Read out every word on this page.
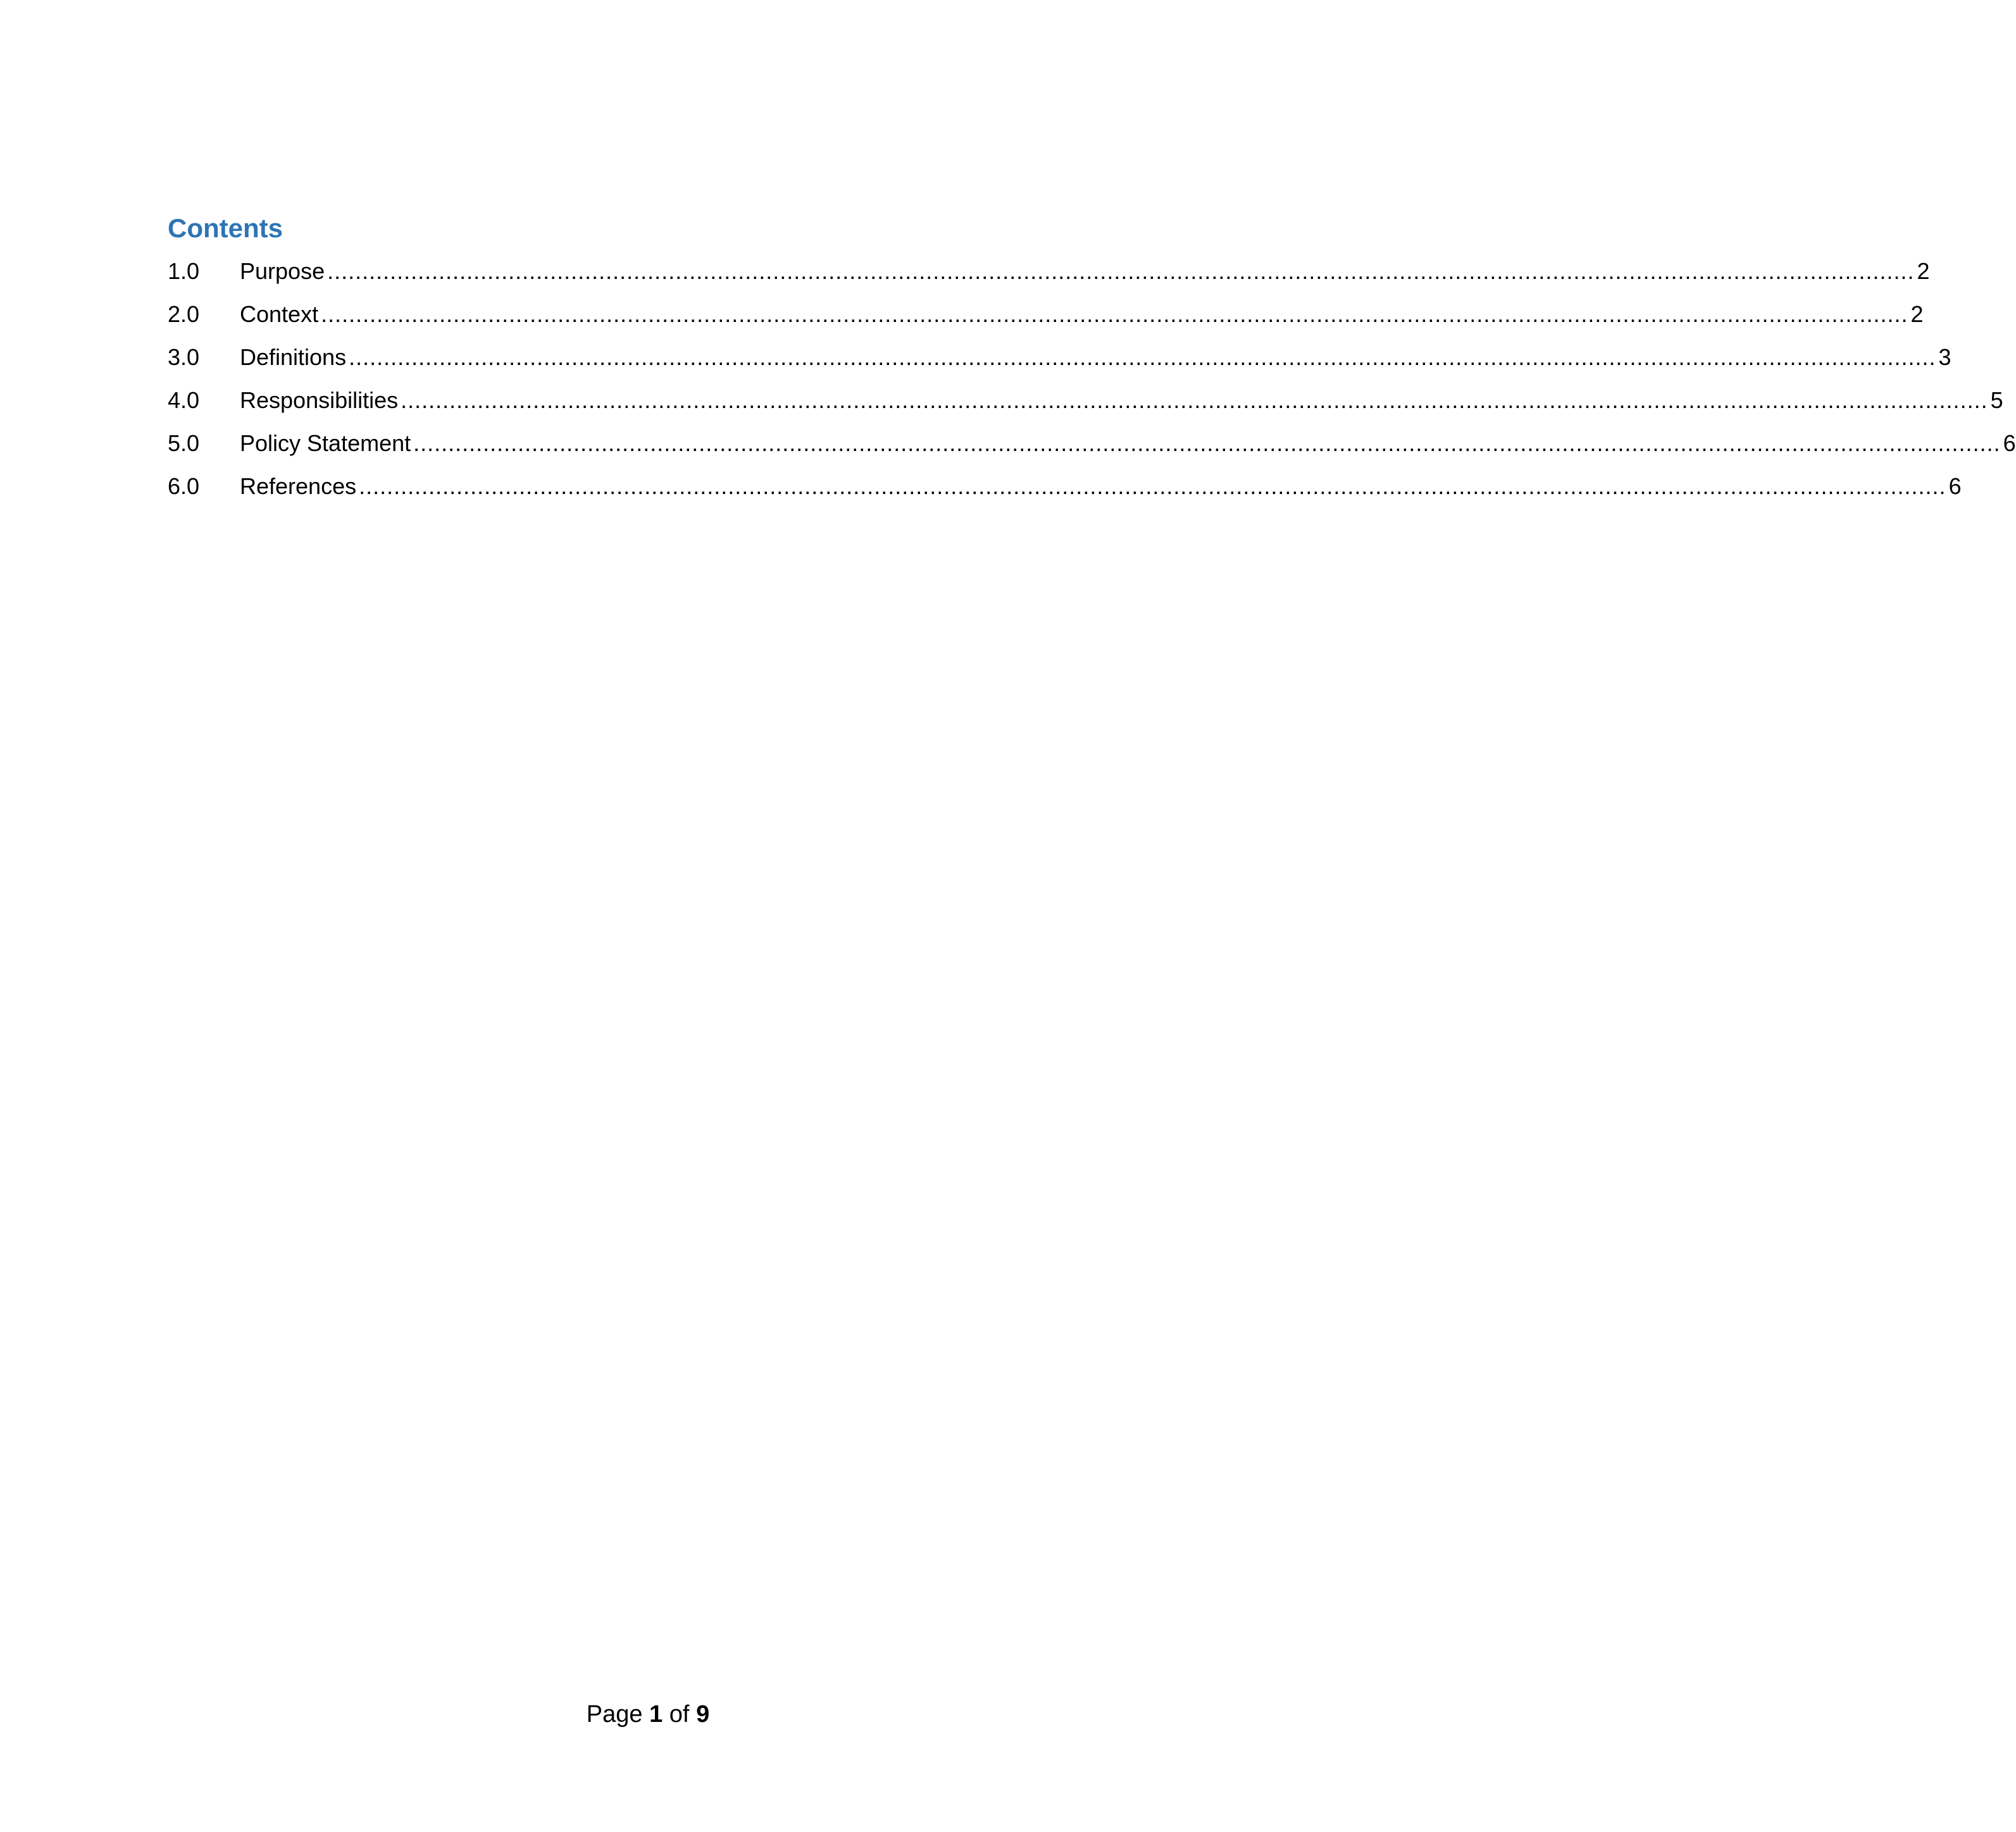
Contents
1.0	Purpose .................................................................................................................................................................................................................................... 2
2.0	Context .................................................................................................................................................................................................................................... 2
3.0	Definitions .................................................................................................................................................................................................................................... 3
4.0	Responsibilities .................................................................................................................................................................................................................................... 5
5.0	Policy Statement .................................................................................................................................................................................................................................... 6
6.0	References .................................................................................................................................................................................................................................... 6
Page 1 of 9
